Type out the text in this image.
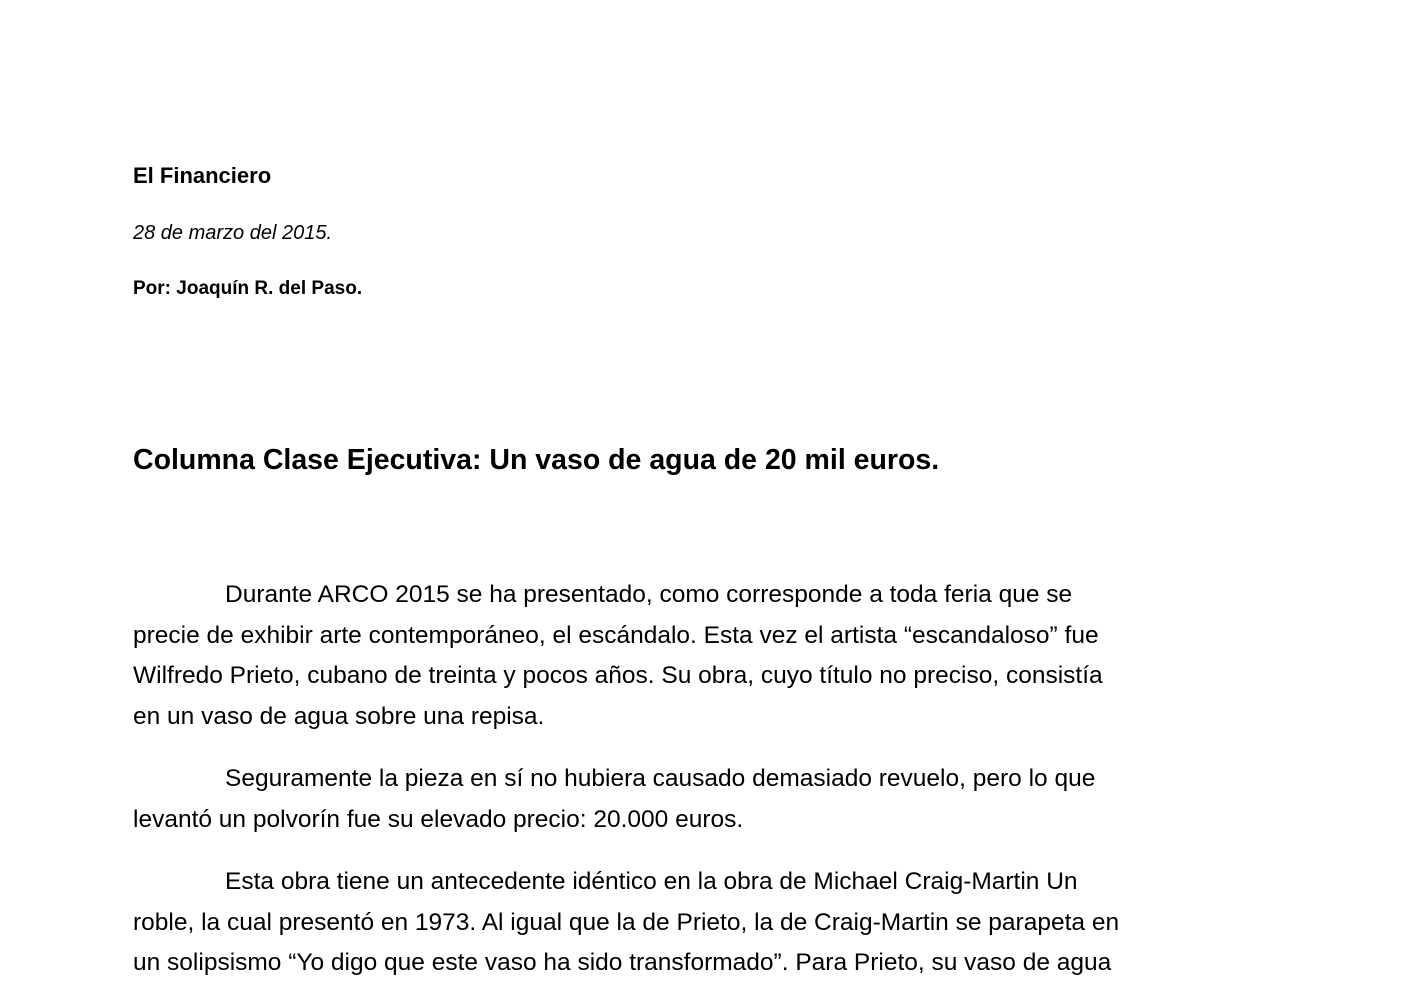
El Financiero

28 de marzo del 2015.

Por: Joaquín R. del Paso.

Columna Clase Ejecutiva: Un vaso de agua de 20 mil euros.

Durante ARCO 2015 se ha presentado, como corresponde a toda feria que se
precie de exhibir arte contemporáneo, el escándalo. Esta vez el artista “escandaloso” fue
Wilfredo Prieto, cubano de treinta y pocos años. Su obra, cuyo título no preciso, consistía
en un vaso de agua sobre una repisa.

Seguramente la pieza en sí no hubiera causado demasiado revuelo, pero lo que
levantó un polvorín fue su elevado precio: 20.000 euros.

Esta obra tiene un antecedente idéntico en la obra de Michael Craig-Martin Un
roble, la cual presentó en 1973. Al igual que la de Prieto, la de Craig-Martin se parapeta en
un solipsismo “Yo digo que este vaso ha sido transformado”. Para Prieto, su vaso de agua
